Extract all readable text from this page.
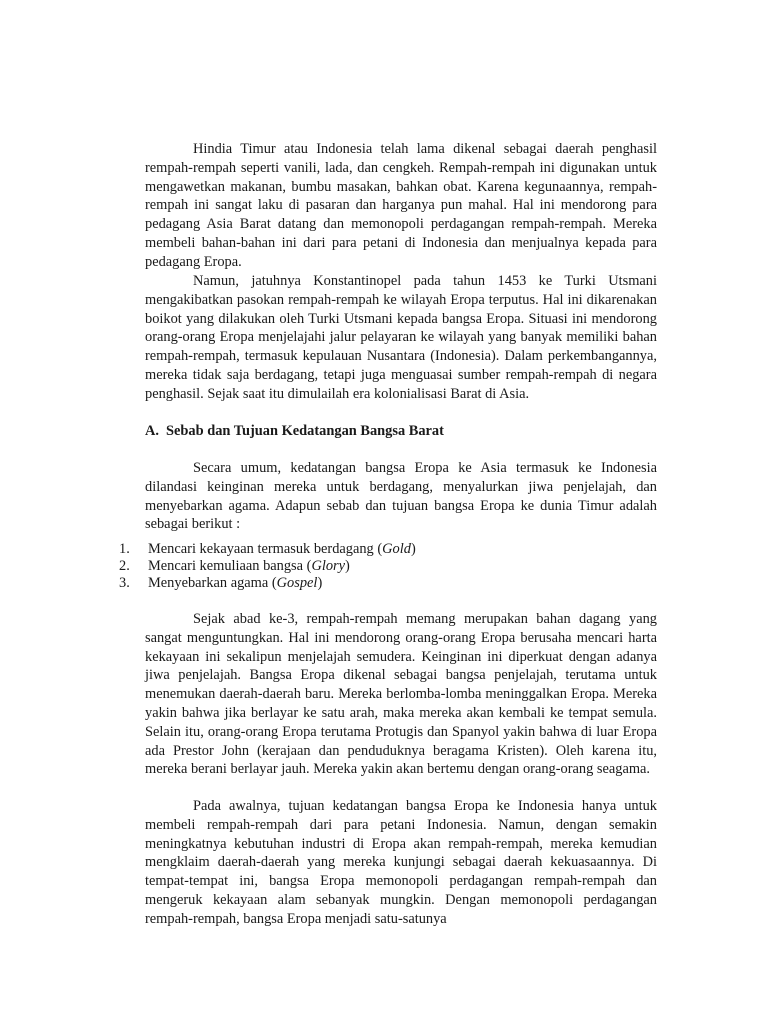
Hindia Timur atau Indonesia telah lama dikenal sebagai daerah penghasil rempah-rempah seperti vanili, lada, dan cengkeh. Rempah-rempah ini digunakan untuk mengawetkan makanan, bumbu masakan, bahkan obat. Karena kegunaannya, rempah-rempah ini sangat laku di pasaran dan harganya pun mahal. Hal ini mendorong para pedagang Asia Barat datang dan memonopoli perdagangan rempah-rempah. Mereka membeli bahan-bahan ini dari para petani di Indonesia dan menjualnya kepada para pedagang Eropa.

Namun, jatuhnya Konstantinopel pada tahun 1453 ke Turki Utsmani mengakibatkan pasokan rempah-rempah ke wilayah Eropa terputus. Hal ini dikarenakan boikot yang dilakukan oleh Turki Utsmani kepada bangsa Eropa. Situasi ini mendorong orang-orang Eropa menjelajahi jalur pelayaran ke wilayah yang banyak memiliki bahan rempah-rempah, termasuk kepulauan Nusantara (Indonesia). Dalam perkembangannya, mereka tidak saja berdagang, tetapi juga menguasai sumber rempah-rempah di negara penghasil. Sejak saat itu dimulailah era kolonialisasi Barat di Asia.

A. Sebab dan Tujuan Kedatangan Bangsa Barat

Secara umum, kedatangan bangsa Eropa ke Asia termasuk ke Indonesia dilandasi keinginan mereka untuk berdagang, menyalurkan jiwa penjelajah, dan menyebarkan agama. Adapun sebab dan tujuan bangsa Eropa ke dunia Timur adalah sebagai berikut :

1.	Mencari kekayaan termasuk berdagang (Gold)
2.	Mencari kemuliaan bangsa (Glory)
3.	Menyebarkan agama (Gospel)

Sejak abad ke-3, rempah-rempah memang merupakan bahan dagang yang sangat menguntungkan. Hal ini mendorong orang-orang Eropa berusaha mencari harta kekayaan ini sekalipun menjelajah semudera. Keinginan ini diperkuat dengan adanya jiwa penjelajah. Bangsa Eropa dikenal sebagai bangsa penjelajah, terutama untuk menemukan daerah-daerah baru. Mereka berlomba-lomba meninggalkan Eropa. Mereka yakin bahwa jika berlayar ke satu arah, maka mereka akan kembali ke tempat semula. Selain itu, orang-orang Eropa terutama Protugis dan Spanyol yakin bahwa di luar Eropa ada Prestor John (kerajaan dan penduduknya beragama Kristen). Oleh karena itu, mereka berani berlayar jauh. Mereka yakin akan bertemu dengan orang-orang seagama.

Pada awalnya, tujuan kedatangan bangsa Eropa ke Indonesia hanya untuk membeli rempah-rempah dari para petani Indonesia. Namun, dengan semakin meningkatnya kebutuhan industri di Eropa akan rempah-rempah, mereka kemudian mengklaim daerah-daerah yang mereka kunjungi sebagai daerah kekuasaannya. Di tempat-tempat ini, bangsa Eropa memonopoli perdagangan rempah-rempah dan mengeruk kekayaan alam sebanyak mungkin. Dengan memonopoli perdagangan rempah-rempah, bangsa Eropa menjadi satu-satunya
